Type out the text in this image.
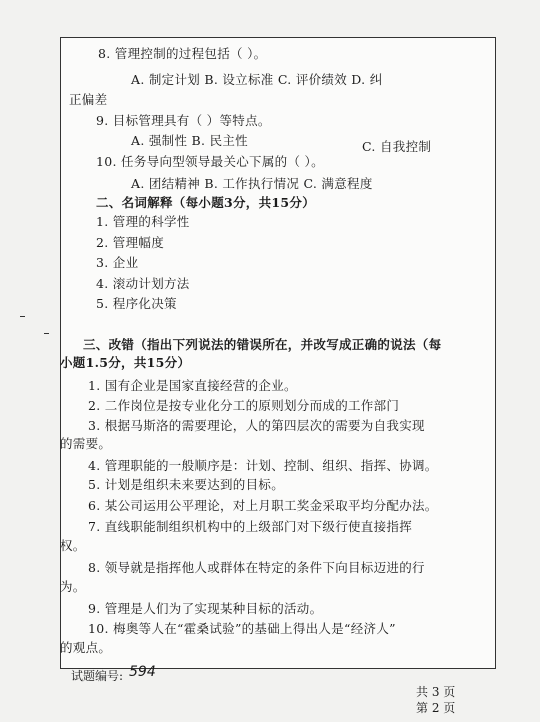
8. 管理控制的过程包括（ ）。
A. 制定计划 B. 设立标准 C. 评价绩效 D. 纠
正偏差
9. 目标管理具有（ ）等特点。
A. 强制性 B. 民主性	C. 自我控制
10. 任务导向型领导最关心下属的（ ）。
A. 团结精神 B. 工作执行情况 C. 满意程度
二、名词解释（每小题3分，共15分）
1. 管理的科学性
2. 管理幅度
3. 企业
4. 滚动计划方法
5. 程序化决策
三、改错（指出下列说法的错误所在，并改写成正确的说法（每
小题1.5分，共15分）
1. 国有企业是国家直接经营的企业。
2. 二作岗位是按专业化分工的原则划分而成的工作部门
3. 根据马斯洛的需要理论，人的第四层次的需要为自我实现
的需要。
4. 管理职能的一般顺序是：计划、控制、组织、指挥、协调。
5. 计划是组织未来要达到的目标。
6. 某公司运用公平理论，对上月职工奖金采取平均分配办法。
7. 直线职能制组织机构中的上级部门对下级行使直接指挥
权。
8. 领导就是指挥他人或群体在特定的条件下向目标迈进的行
为。
9. 管理是人们为了实现某种目标的活动。
10. 梅奥等人在“霍桑试验”的基础上得出人是“经济人”
的观点。
试题编号: 594
共 3 页
第 2 页
